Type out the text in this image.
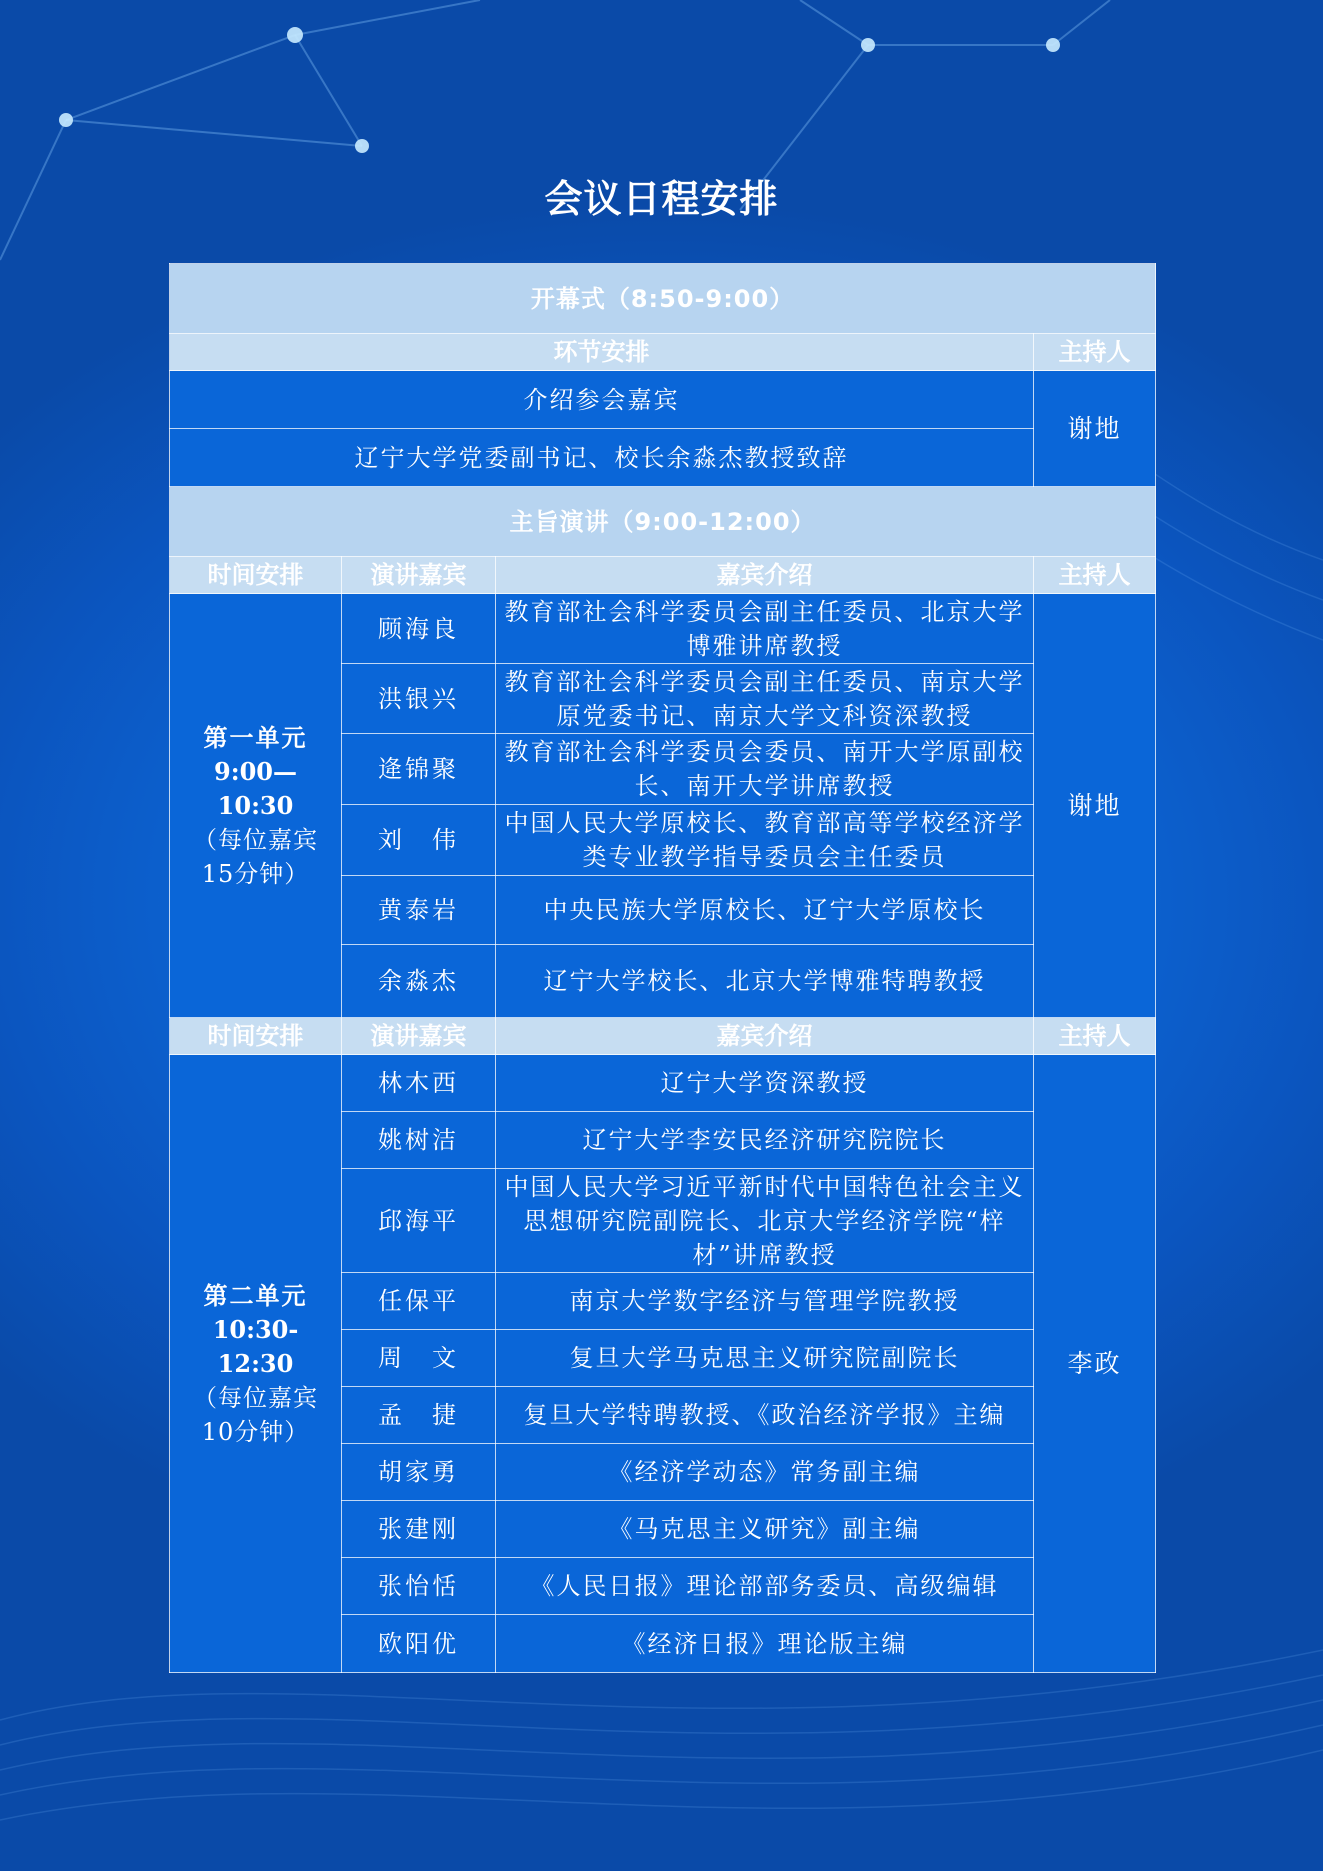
会议日程安排
开幕式（8:50-9:00）			
环节安排			主持人
介绍参会嘉宾			谢地
辽宁大学党委副书记、校长余淼杰教授致辞			
主旨演讲（9:00-12:00）			
时间安排	演讲嘉宾	嘉宾介绍	主持人

第一单元
9:00—10:30
（每位嘉宾
15分钟）	顾海良	教育部社会科学委员会副主任委员、北京大学博雅讲席教授	谢地
	洪银兴	教育部社会科学委员会副主任委员、南京大学原党委书记、南京大学文科资深教授	
	逄锦聚	教育部社会科学委员会委员、南开大学原副校长、南开大学讲席教授	
	刘　伟	中国人民大学原校长、教育部高等学校经济学类专业教学指导委员会主任委员	
	黄泰岩	中央民族大学原校长、辽宁大学原校长	
	余淼杰	辽宁大学校长、北京大学博雅特聘教授	
时间安排	演讲嘉宾	嘉宾介绍	主持人

第二单元
10:30-12:30
（每位嘉宾
10分钟）	林木西	辽宁大学资深教授	李政
	姚树洁	辽宁大学李安民经济研究院院长	
	邱海平	中国人民大学习近平新时代中国特色社会主义思想研究院副院长、北京大学经济学院“梓材”讲席教授	
	任保平	南京大学数字经济与管理学院教授	
	周　文	复旦大学马克思主义研究院副院长	
	孟　捷	复旦大学特聘教授、《政治经济学报》主编	
	胡家勇	《经济学动态》常务副主编	
	张建刚	《马克思主义研究》副主编	
	张怡恬	《人民日报》理论部部务委员、高级编辑	
	欧阳优	《经济日报》理论版主编	
